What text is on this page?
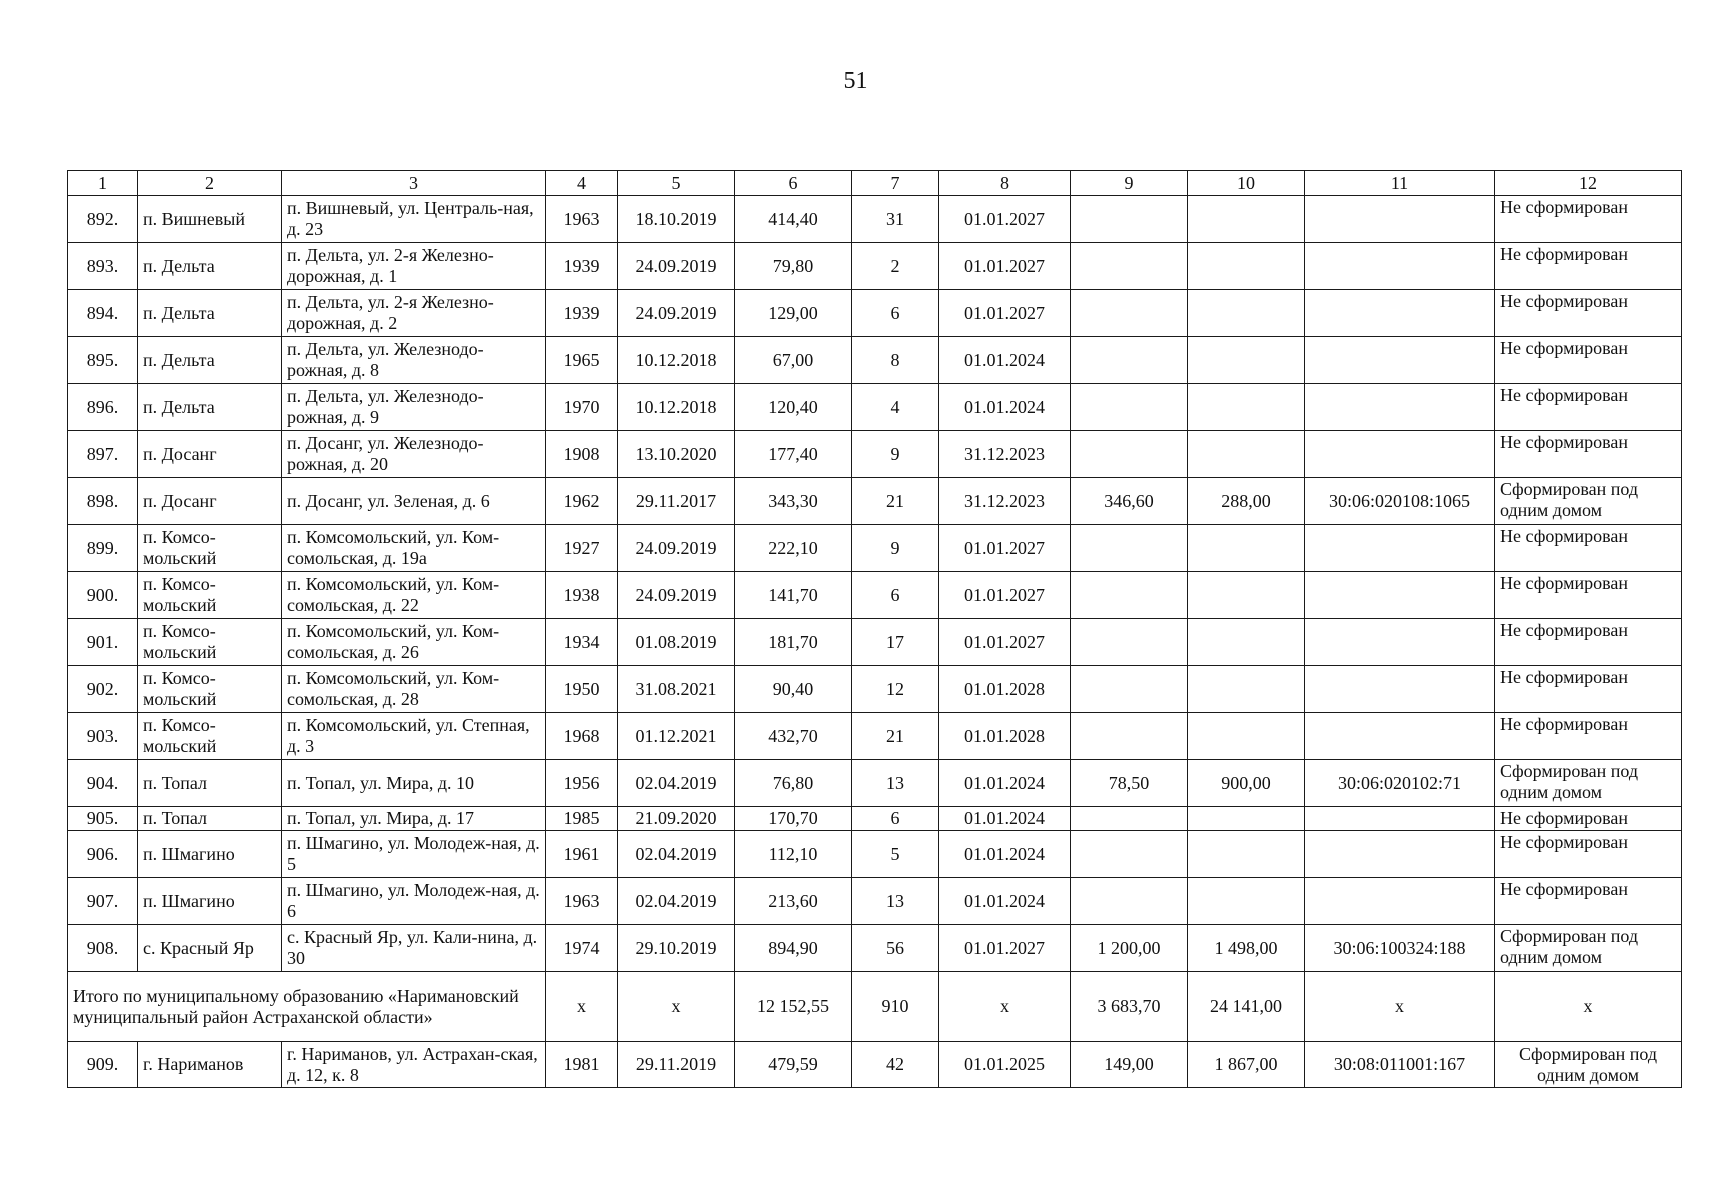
51
1	2	3	4	5	6	7	8	9	10	11	12
892.	п. Вишневый	п. Вишневый, ул. Централь-ная, д. 23	1963	18.10.2019	414,40	31	01.01.2027				Не сформирован
893.	п. Дельта	п. Дельта, ул. 2-я Железно-дорожная, д. 1	1939	24.09.2019	79,80	2	01.01.2027				Не сформирован
894.	п. Дельта	п. Дельта, ул. 2-я Железно-дорожная, д. 2	1939	24.09.2019	129,00	6	01.01.2027				Не сформирован
895.	п. Дельта	п. Дельта, ул. Железнодо-рожная, д. 8	1965	10.12.2018	67,00	8	01.01.2024				Не сформирован
896.	п. Дельта	п. Дельта, ул. Железнодо-рожная, д. 9	1970	10.12.2018	120,40	4	01.01.2024				Не сформирован
897.	п. Досанг	п. Досанг, ул. Железнодо-рожная, д. 20	1908	13.10.2020	177,40	9	31.12.2023				Не сформирован
898.	п. Досанг	п. Досанг, ул. Зеленая, д. 6	1962	29.11.2017	343,30	21	31.12.2023	346,60	288,00	30:06:020108:1065	Сформирован под одним домом
899.	п. Комсо-мольский	п. Комсомольский, ул. Ком-сомольская, д. 19а	1927	24.09.2019	222,10	9	01.01.2027				Не сформирован
900.	п. Комсо-мольский	п. Комсомольский, ул. Ком-сомольская, д. 22	1938	24.09.2019	141,70	6	01.01.2027				Не сформирован
901.	п. Комсо-мольский	п. Комсомольский, ул. Ком-сомольская, д. 26	1934	01.08.2019	181,70	17	01.01.2027				Не сформирован
902.	п. Комсо-мольский	п. Комсомольский, ул. Ком-сомольская, д. 28	1950	31.08.2021	90,40	12	01.01.2028				Не сформирован
903.	п. Комсо-мольский	п. Комсомольский, ул. Степная, д. 3	1968	01.12.2021	432,70	21	01.01.2028				Не сформирован
904.	п. Топал	п. Топал, ул. Мира, д. 10	1956	02.04.2019	76,80	13	01.01.2024	78,50	900,00	30:06:020102:71	Сформирован под одним домом
905.	п. Топал	п. Топал, ул. Мира, д. 17	1985	21.09.2020	170,70	6	01.01.2024				Не сформирован
906.	п. Шмагино	п. Шмагино, ул. Молодеж-ная, д. 5	1961	02.04.2019	112,10	5	01.01.2024				Не сформирован
907.	п. Шмагино	п. Шмагино, ул. Молодеж-ная, д. 6	1963	02.04.2019	213,60	13	01.01.2024				Не сформирован
908.	с. Красный Яр	с. Красный Яр, ул. Кали-нина, д. 30	1974	29.10.2019	894,90	56	01.01.2027	1 200,00	1 498,00	30:06:100324:188	Сформирован под одним домом
Итого по муниципальному образованию «Наримановский муниципальный район Астраханской области»			х	х	12 152,55	910	х	3 683,70	24 141,00	х	х
909.	г. Нариманов	г. Нариманов, ул. Астрахан-ская, д. 12, к. 8	1981	29.11.2019	479,59	42	01.01.2025	149,00	1 867,00	30:08:011001:167	Сформирован под одним домом
